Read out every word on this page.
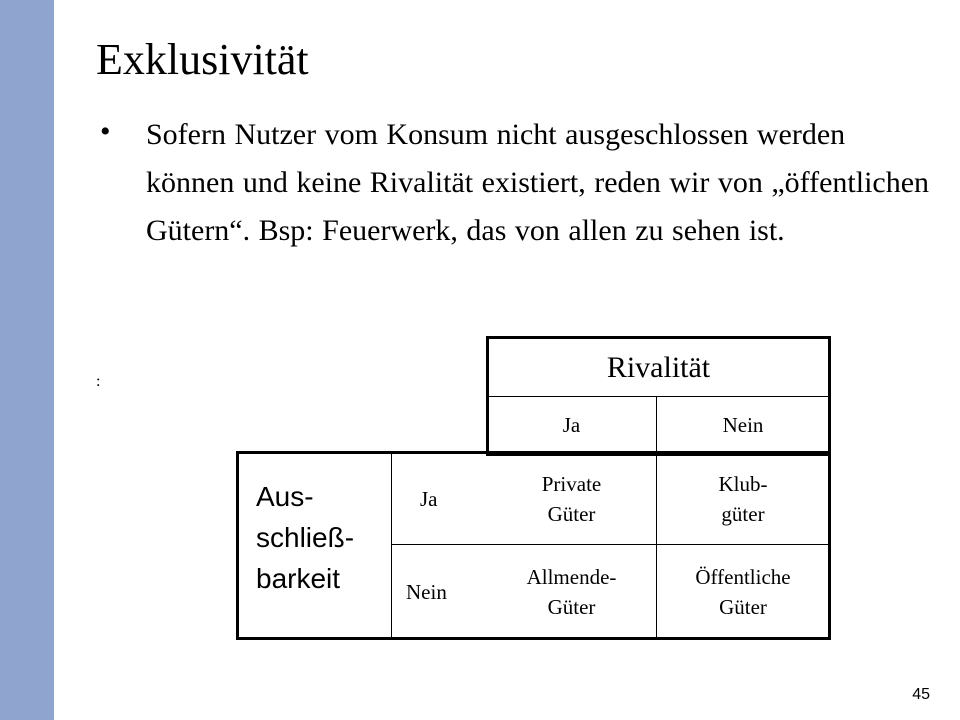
Exklusivität
• Sofern Nutzer vom Konsum nicht ausgeschlossen werden können und keine Rivalität existiert, reden wir von „öffentlichen Gütern“. Bsp: Feuerwerk, das von allen zu sehen ist.
:	Rivalität
Ja	Nein
Aus-
schließ-
barkeit
Ja
Nein
Private
Güter
Klub-
güter
Allmende-
Güter
Öffentliche
Güter
45
